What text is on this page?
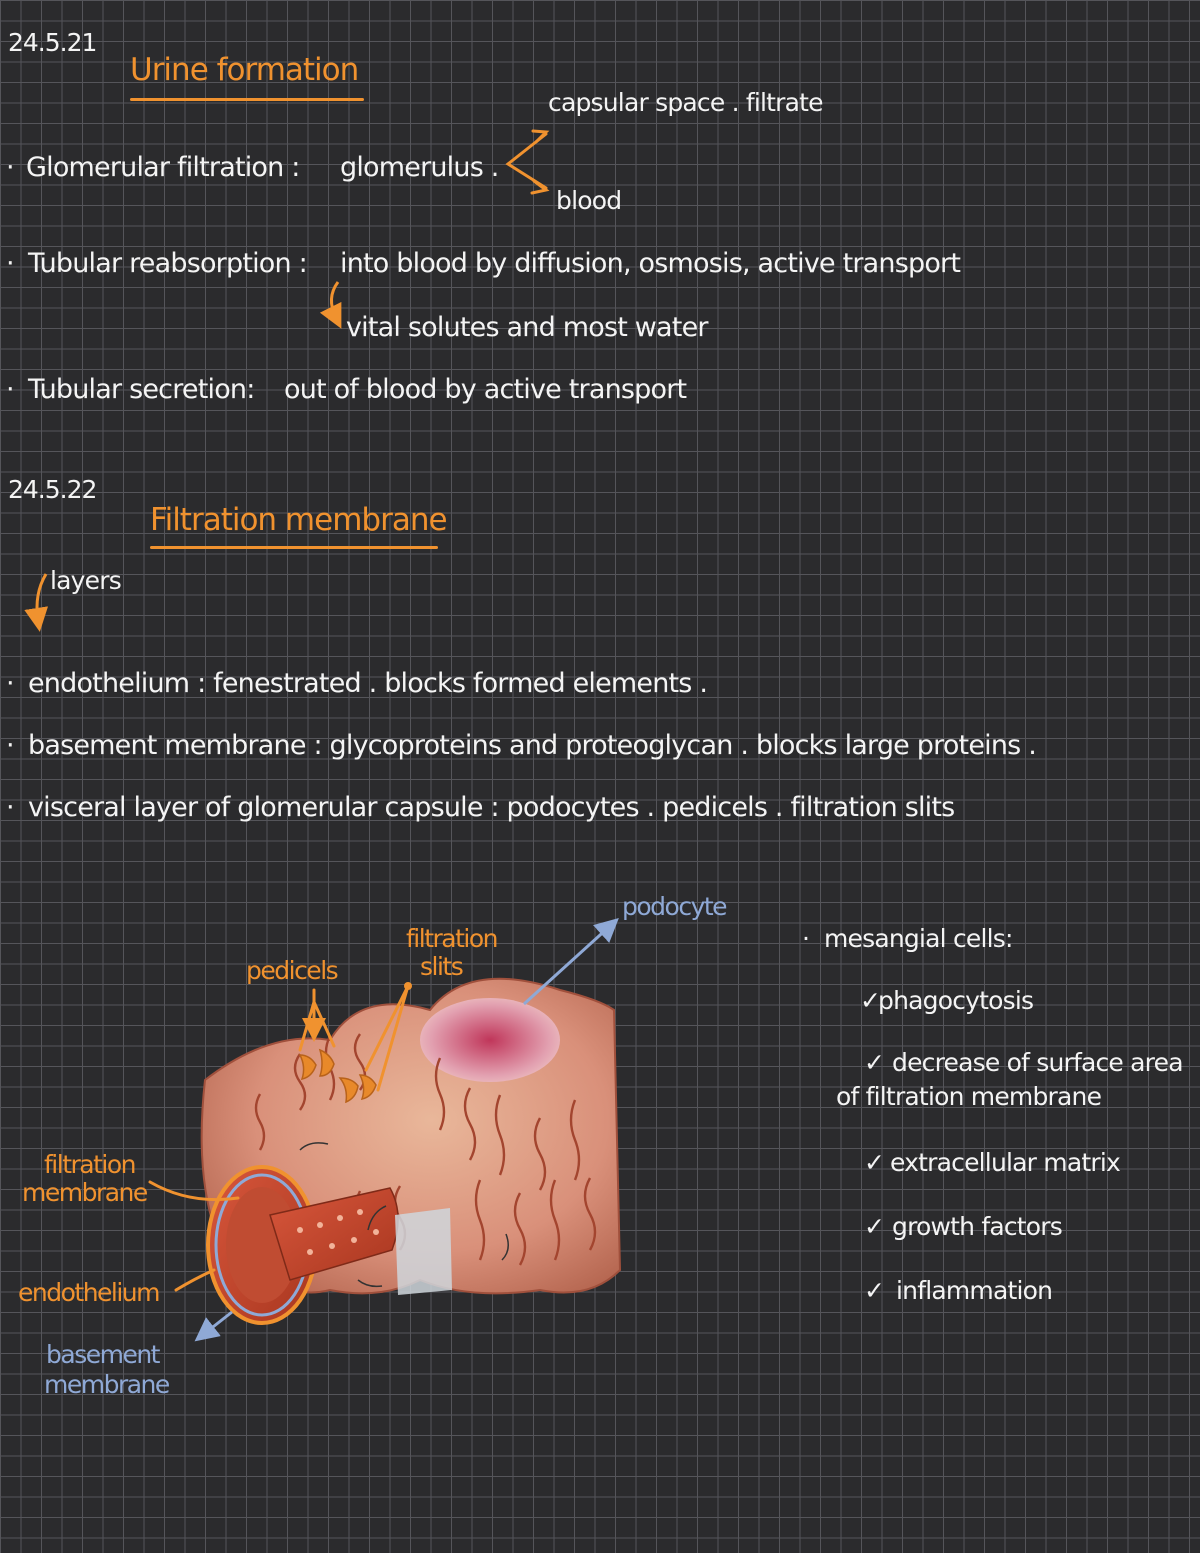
24.5.21
Urine formation
capsular space . filtrate
· Glomerular filtration : glomerulus .
blood
· Tubular reabsorption : into blood by diffusion, osmosis, active transport
vital solutes and most water
· Tubular secretion: out of blood by active transport
24.5.22
Filtration membrane
layers
· endothelium : fenestrated . blocks formed elements .
· basement membrane : glycoproteins and proteoglycan . blocks large proteins .
· visceral layer of glomerular capsule : podocytes . pedicels . filtration slits
pedicels
filtration
slits
podocyte
filtration
membrane
endothelium
basement
membrane
· mesangial cells:
✓
phagocytosis
✓ decrease of surface area
of filtration membrane
✓ extracellular matrix
✓ growth factors
✓ inflammation
